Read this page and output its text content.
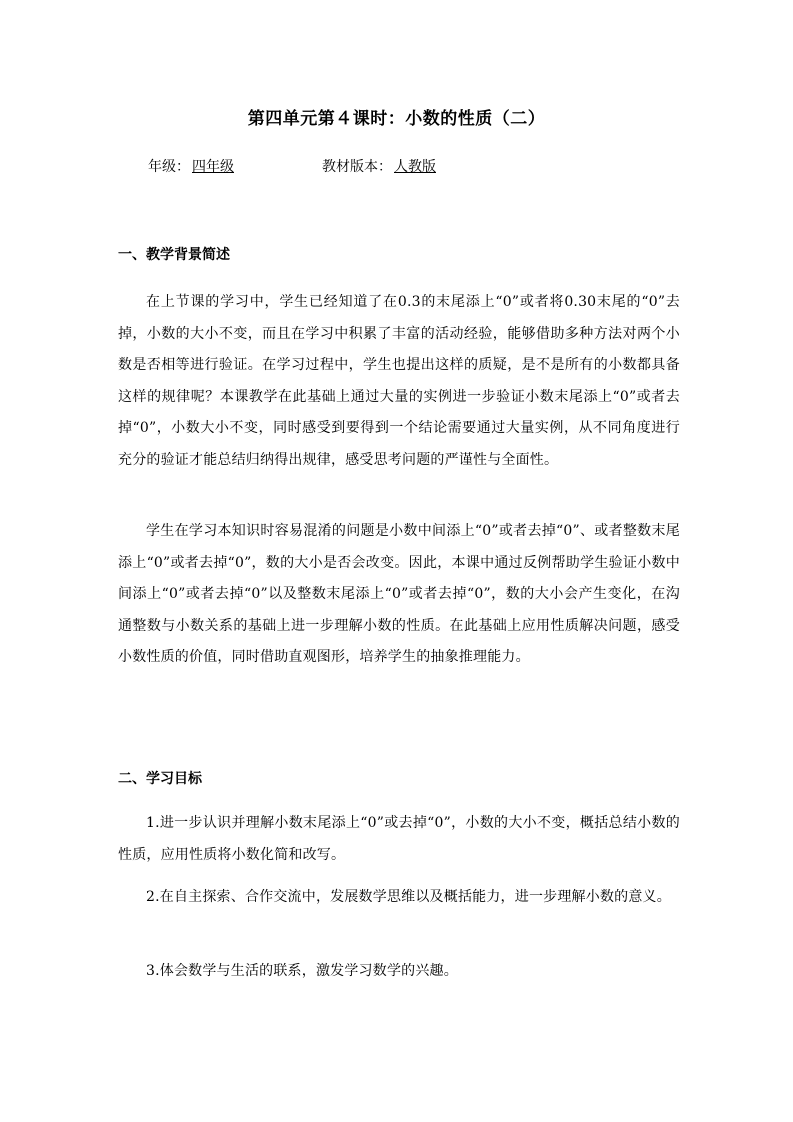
第四单元第４课时：小数的性质（二）
年级： 四年级	教材版本： 人教版
一、教学背景简述
在上节课的学习中，学生已经知道了在0.3的末尾添上“0”或者将0.30末尾的“0”去掉，小数的大小不变，而且在学习中积累了丰富的活动经验，能够借助多种方法对两个小数是否相等进行验证。在学习过程中，学生也提出这样的质疑，是不是所有的小数都具备这样的规律呢？本课教学在此基础上通过大量的实例进一步验证小数末尾添上“0”或者去掉“0”，小数大小不变，同时感受到要得到一个结论需要通过大量实例，从不同角度进行充分的验证才能总结归纳得出规律，感受思考问题的严谨性与全面性。
学生在学习本知识时容易混淆的问题是小数中间添上“0”或者去掉“0”、或者整数末尾添上“0”或者去掉“0”，数的大小是否会改变。因此，本课中通过反例帮助学生验证小数中间添上“0”或者去掉“0”以及整数末尾添上“0”或者去掉“0”，数的大小会产生变化，在沟通整数与小数关系的基础上进一步理解小数的性质。在此基础上应用性质解决问题，感受小数性质的价值，同时借助直观图形，培养学生的抽象推理能力。
二、学习目标
1.进一步认识并理解小数末尾添上“0”或去掉“0”，小数的大小不变，概括总结小数的性质，应用性质将小数化简和改写。
2.在自主探索、合作交流中，发展数学思维以及概括能力，进一步理解小数的意义。
3.体会数学与生活的联系，激发学习数学的兴趣。
